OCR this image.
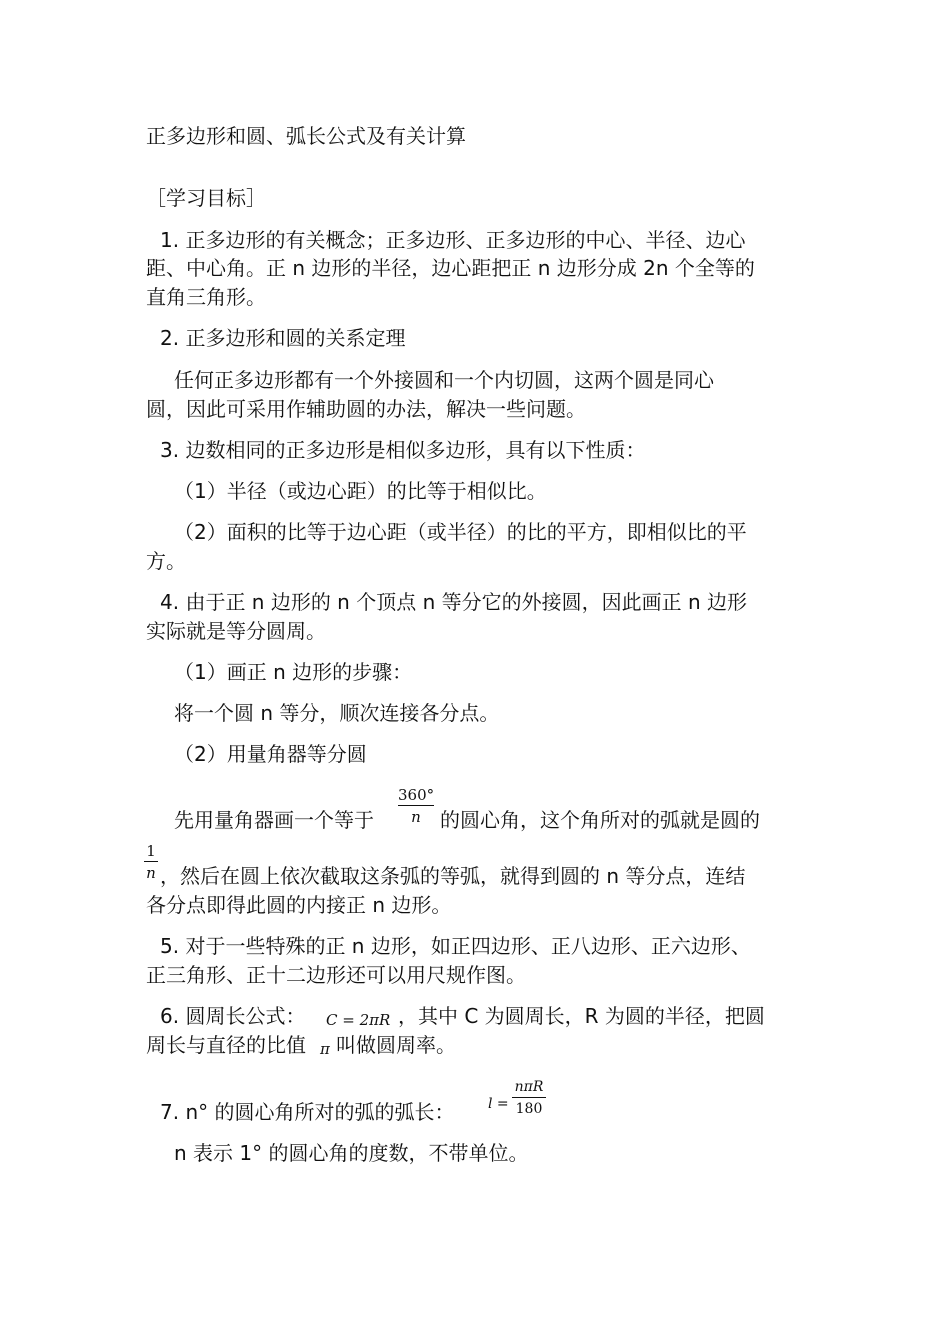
正多边形和圆、弧长公式及有关计算
［学习目标］
1. 正多边形的有关概念；正多边形、正多边形的中心、半径、边心
距、中心角。正 n 边形的半径，边心距把正 n 边形分成 2n 个全等的
直角三角形。
2. 正多边形和圆的关系定理
任何正多边形都有一个外接圆和一个内切圆，这两个圆是同心
圆，因此可采用作辅助圆的办法，解决一些问题。
3. 边数相同的正多边形是相似多边形，具有以下性质：
（1）半径（或边心距）的比等于相似比。
（2）面积的比等于边心距（或半径）的比的平方，即相似比的平
方。
4. 由于正 n 边形的 n 个顶点 n 等分它的外接圆，因此画正 n 边形
实际就是等分圆周。
（1）画正 n 边形的步骤：
将一个圆 n 等分，顺次连接各分点。
（2）用量角器等分圆
先用量角器画一个等于
360°
n 的圆心角，这个角所对的弧就是圆的
1
n ，然后在圆上依次截取这条弧的等弧，就得到圆的 n 等分点，连结
各分点即得此圆的内接正 n 边形。
5. 对于一些特殊的正 n 边形，如正四边形、正八边形、正六边形、
正三角形、正十二边形还可以用尺规作图。
6. 圆周长公式： C = 2πR ，其中 C 为圆周长，R 为圆的半径，把圆
周长与直径的比值 π 叫做圆周率。
7. n° 的圆心角所对的弧的弧长： l =
nπR
180
n 表示 1° 的圆心角的度数，不带单位。
